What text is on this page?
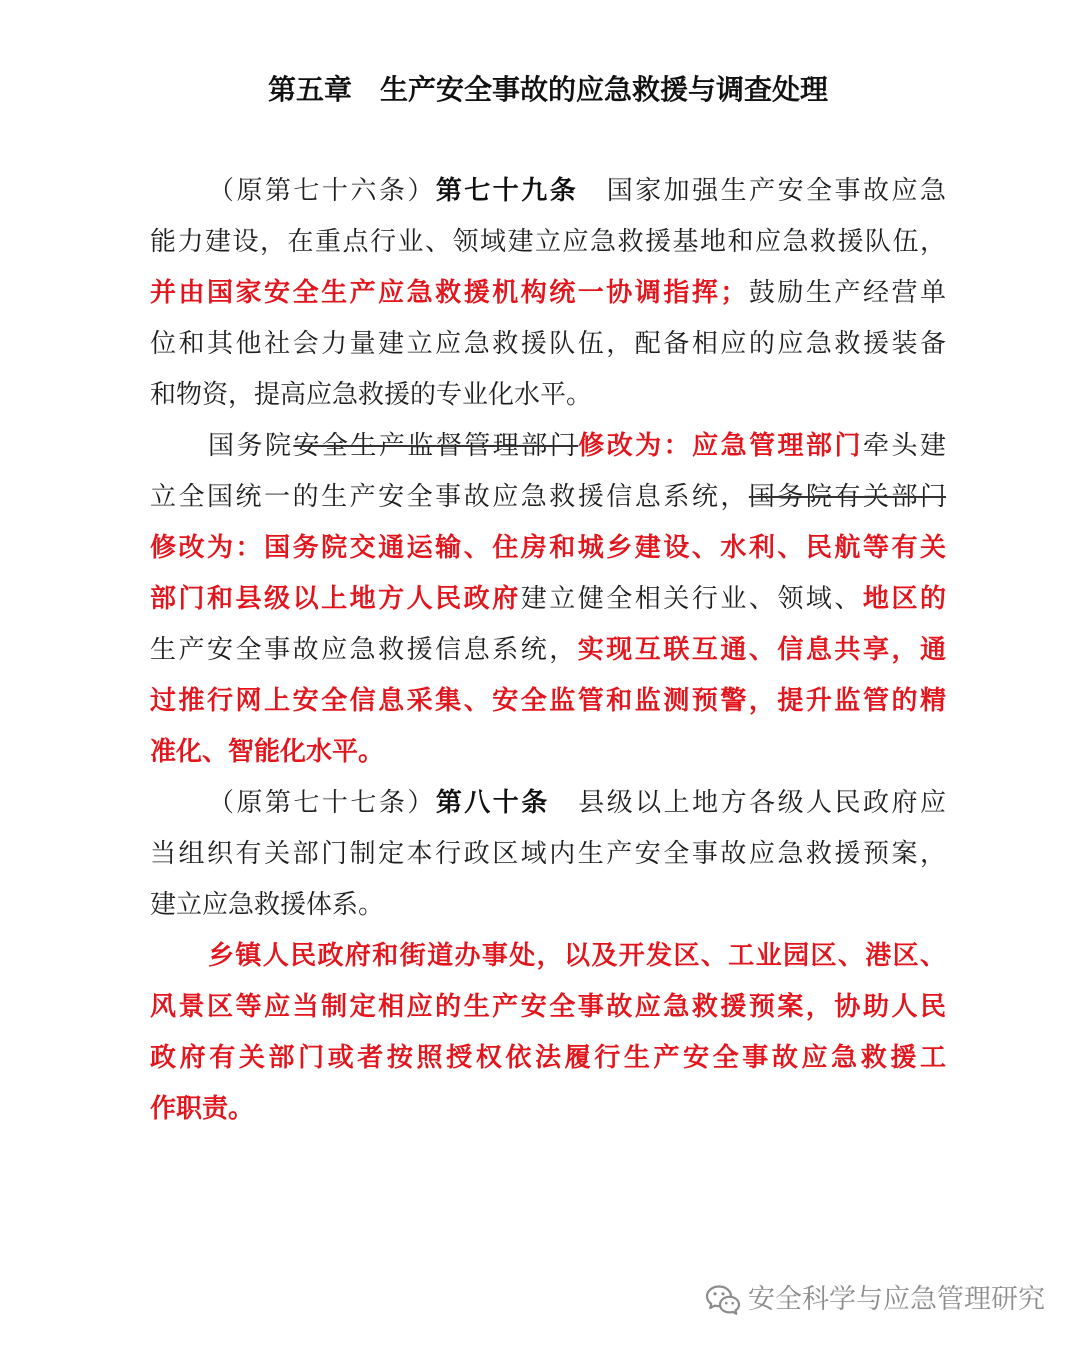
第五章　生产安全事故的应急救援与调查处理
（原第七十六条）第七十九条　国家加强生产安全事故应急
能力建设，在重点行业、领域建立应急救援基地和应急救援队伍，
并由国家安全生产应急救援机构统一协调指挥；鼓励生产经营单
位和其他社会力量建立应急救援队伍，配备相应的应急救援装备
和物资，提高应急救援的专业化水平。
国务院安全生产监督管理部门修改为：应急管理部门牵头建
立全国统一的生产安全事故应急救援信息系统，国务院有关部门
修改为：国务院交通运输、住房和城乡建设、水利、民航等有关
部门和县级以上地方人民政府建立健全相关行业、领域、地区的
生产安全事故应急救援信息系统，实现互联互通、信息共享，通
过推行网上安全信息采集、安全监管和监测预警，提升监管的精
准化、智能化水平。
（原第七十七条）第八十条　县级以上地方各级人民政府应
当组织有关部门制定本行政区域内生产安全事故应急救援预案，
建立应急救援体系。
乡镇人民政府和街道办事处，以及开发区、工业园区、港区、
风景区等应当制定相应的生产安全事故应急救援预案，协助人民
政府有关部门或者按照授权依法履行生产安全事故应急救援工
作职责。
安全科学与应急管理研究
